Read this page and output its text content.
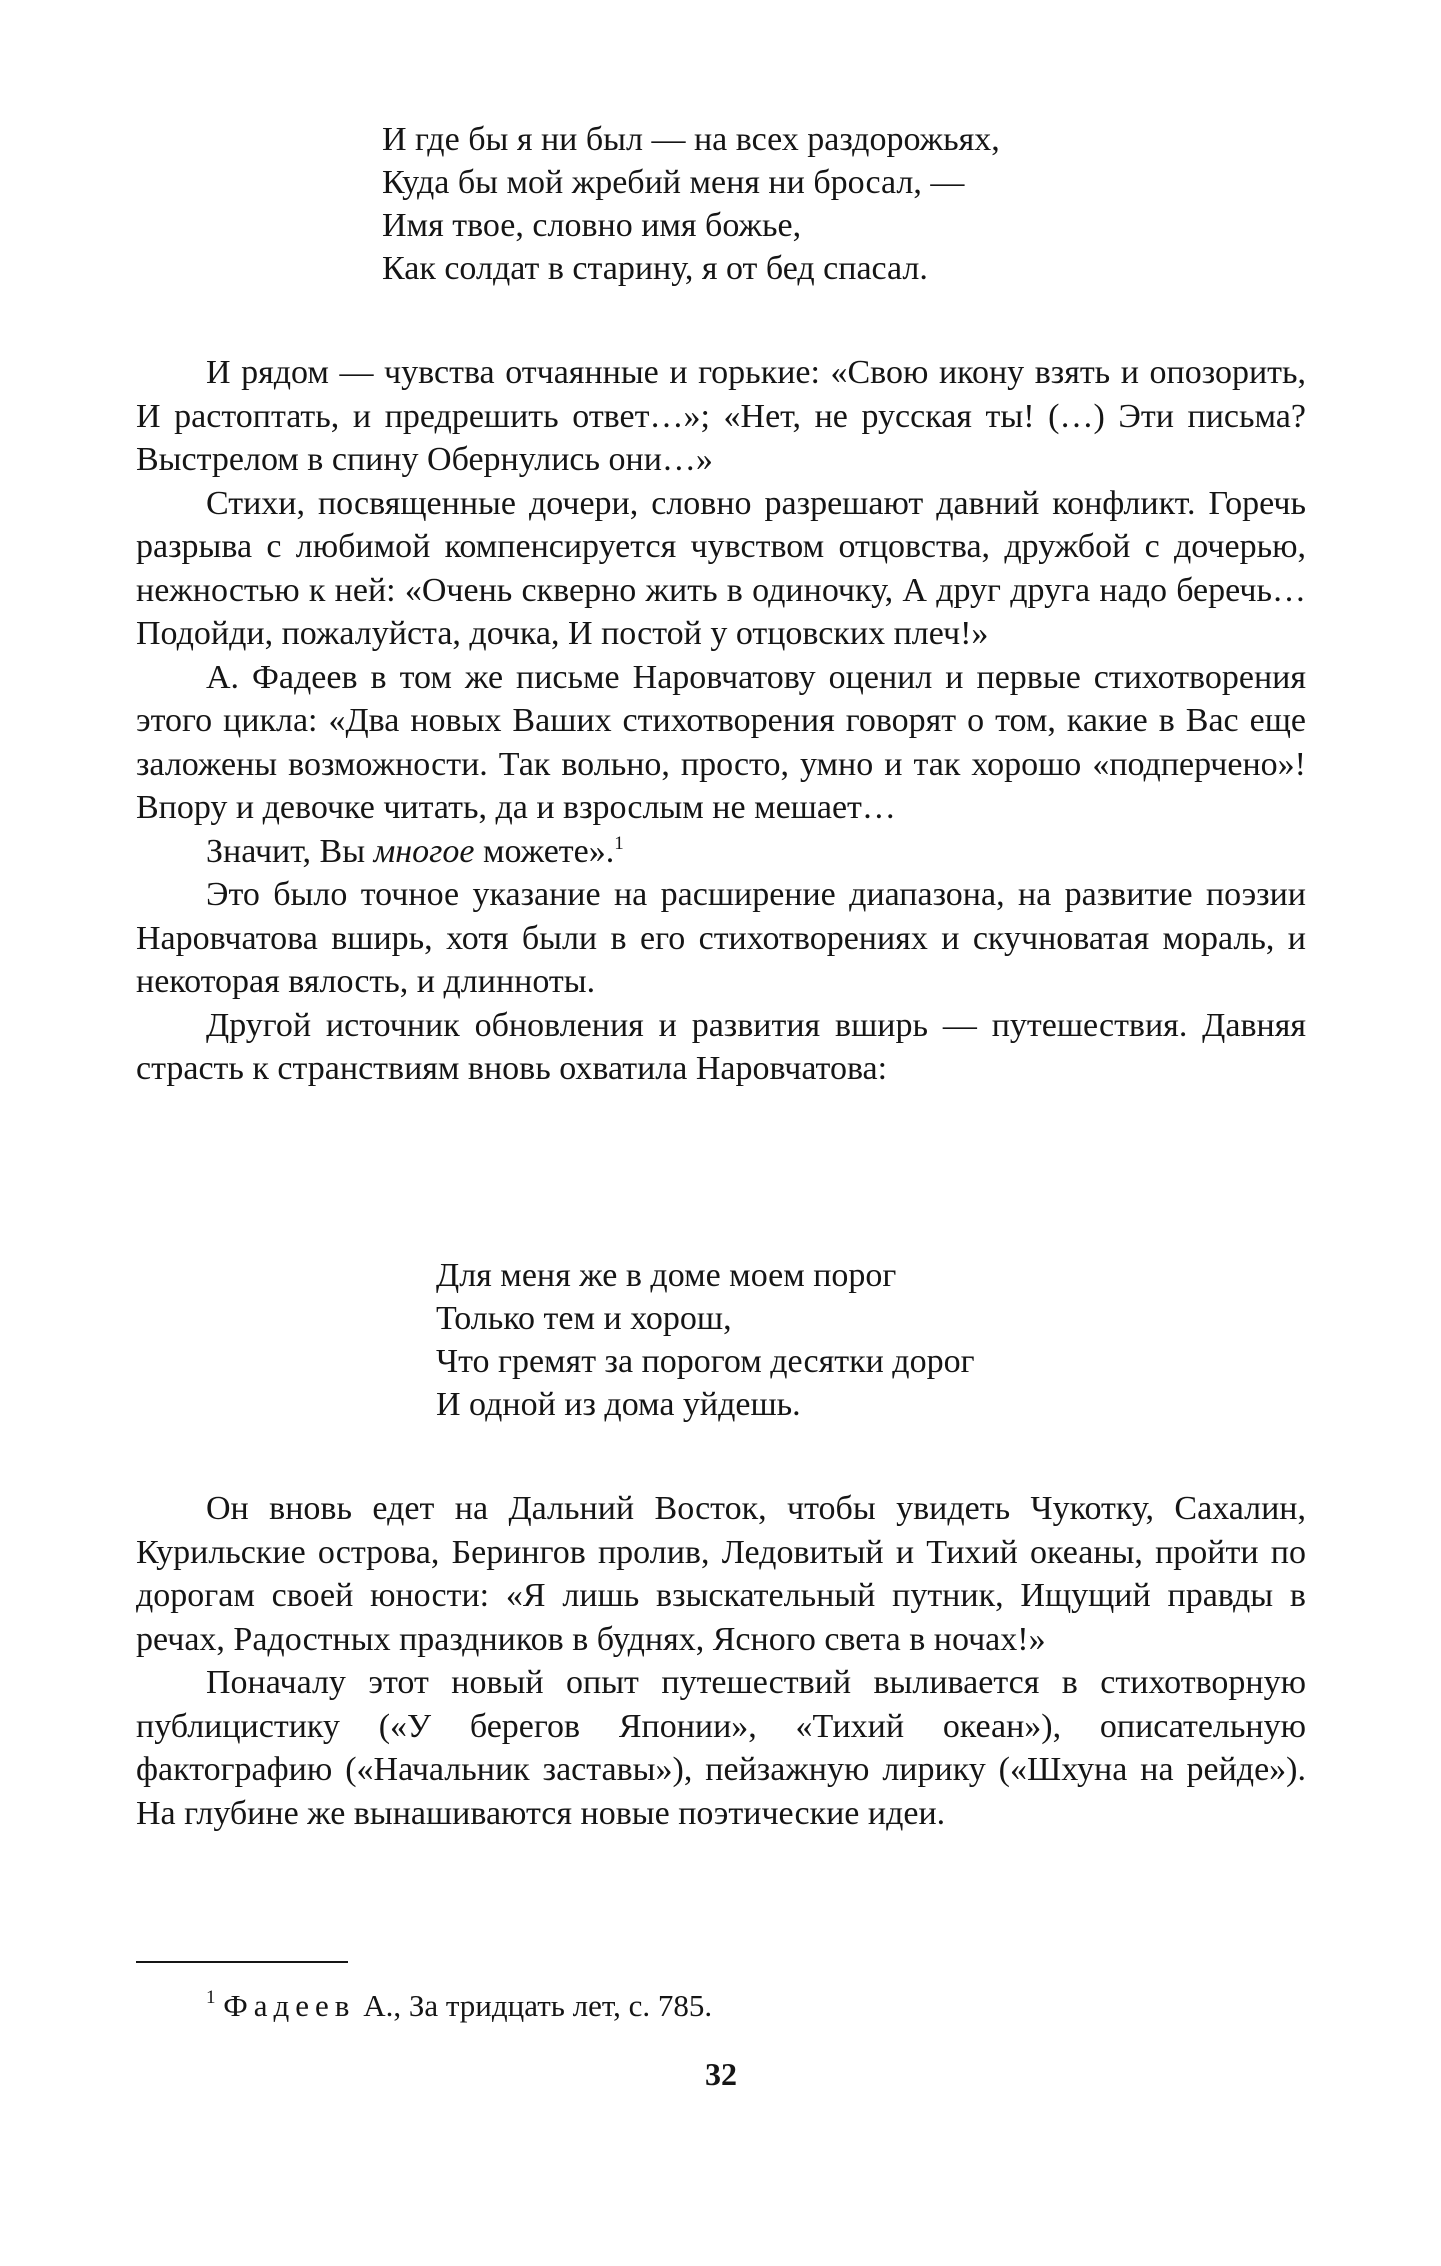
И где бы я ни был — на всех раздорожьях,
Куда бы мой жребий меня ни бросал, —
Имя твое, словно имя божье,
Как солдат в старину, я от бед спасал.

И рядом — чувства отчаянные и горькие: «Свою икону взять и опозорить, И растоптать, и предрешить ответ…»; «Нет, не русская ты! (…) Эти письма? Выстрелом в спину Обернулись они…»

Стихи, посвященные дочери, словно разрешают давний конфликт. Горечь разрыва с любимой компенсируется чувством отцовства, дружбой с дочерью, нежностью к ней: «Очень скверно жить в одиночку, А друг друга надо беречь… Подойди, пожалуйста, дочка, И постой у отцовских плеч!»

А. Фадеев в том же письме Наровчатову оценил и первые стихотворения этого цикла: «Два новых Ваших стихотворения говорят о том, какие в Вас еще заложены возможности. Так вольно, просто, умно и так хорошо «подперчено»! Впору и девочке читать, да и взрослым не мешает…

Значит, Вы многое можете».$^1$

Это было точное указание на расширение диапазона, на развитие поэзии Наровчатова вширь, хотя были в его стихотворениях и скучноватая мораль, и некоторая вялость, и длинноты.

Другой источник обновления и развития вширь — путешествия. Давняя страсть к странствиям вновь охватила Наровчатова:

Для меня же в доме моем порог
Только тем и хорош,
Что гремят за порогом десятки дорог
И одной из дома уйдешь.

Он вновь едет на Дальний Восток, чтобы увидеть Чукотку, Сахалин, Курильские острова, Берингов пролив, Ледовитый и Тихий океаны, пройти по дорогам своей юности: «Я лишь взыскательный путник, Ищущий правды в речах, Радостных праздников в буднях, Ясного света в ночах!»

Поначалу этот новый опыт путешествий выливается в стихотворную публицистику («У берегов Японии», «Тихий океан»), описательную фактографию («Начальник заставы»), пейзажную лирику («Шхуна на рейде»). На глубине же вынашиваются новые поэтические идеи.

$^1$ Фадеев А., За тридцать лет, с. 785.
32
